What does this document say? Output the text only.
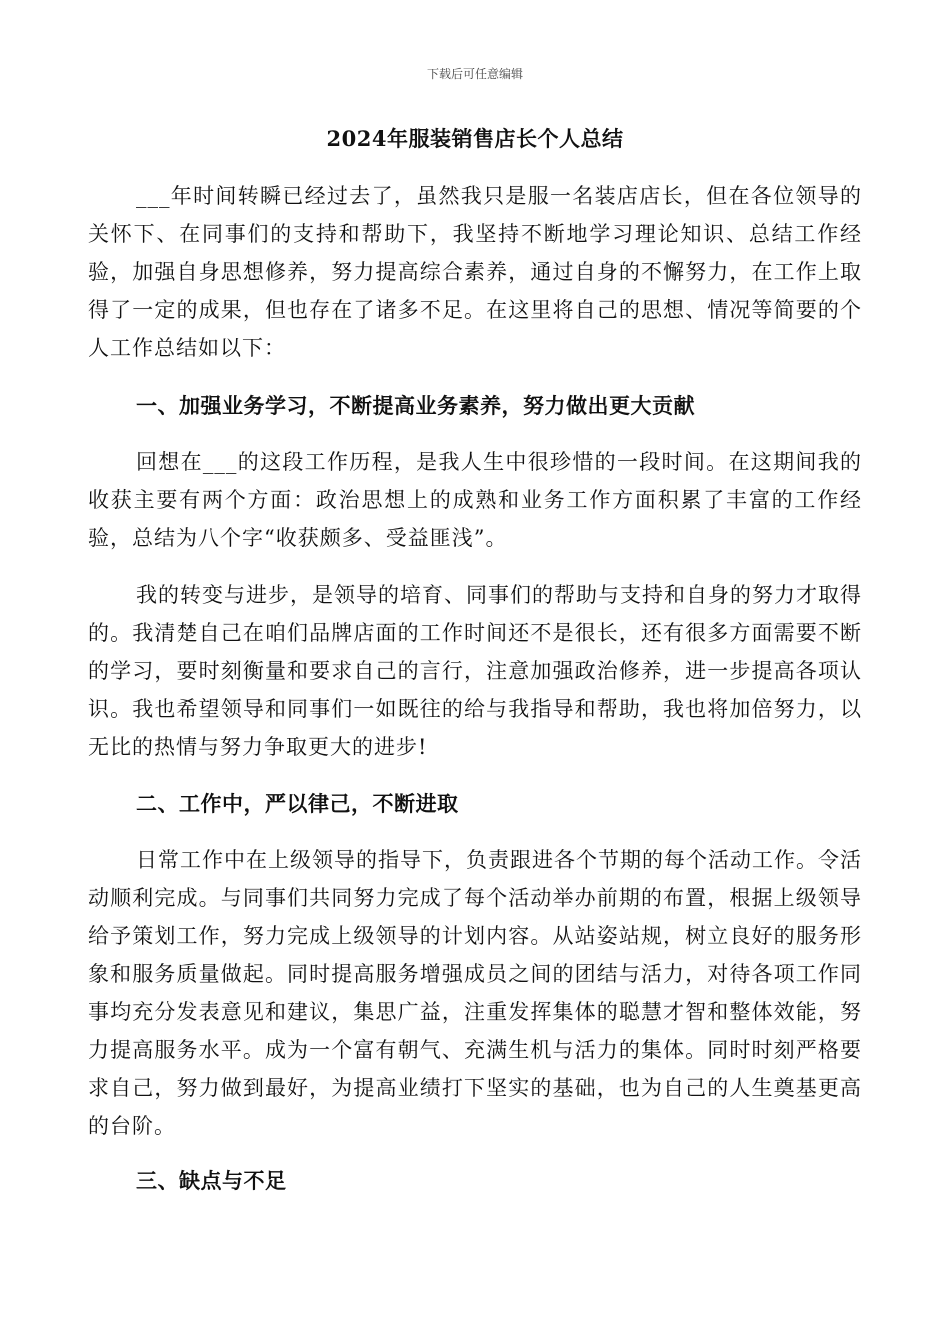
下载后可任意编辑
2024年服装销售店长个人总结

___年时间转瞬已经过去了，虽然我只是服一名装店店长，但在各位领导的关怀下、在同事们的支持和帮助下，我坚持不断地学习理论知识、总结工作经验，加强自身思想修养，努力提高综合素养，通过自身的不懈努力，在工作上取得了一定的成果，但也存在了诸多不足。在这里将自己的思想、情况等简要的个人工作总结如以下：

一、加强业务学习，不断提高业务素养，努力做出更大贡献

回想在___的这段工作历程，是我人生中很珍惜的一段时间。在这期间我的收获主要有两个方面：政治思想上的成熟和业务工作方面积累了丰富的工作经验，总结为八个字“收获颇多、受益匪浅”。

我的转变与进步，是领导的培育、同事们的帮助与支持和自身的努力才取得的。我清楚自己在咱们品牌店面的工作时间还不是很长，还有很多方面需要不断的学习，要时刻衡量和要求自己的言行，注意加强政治修养，进一步提高各项认识。我也希望领导和同事们一如既往的给与我指导和帮助，我也将加倍努力，以无比的热情与努力争取更大的进步!

二、工作中，严以律己，不断进取

日常工作中在上级领导的指导下，负责跟进各个节期的每个活动工作。令活动顺利完成。与同事们共同努力完成了每个活动举办前期的布置，根据上级领导给予策划工作，努力完成上级领导的计划内容。从站姿站规，树立良好的服务形象和服务质量做起。同时提高服务增强成员之间的团结与活力，对待各项工作同事均充分发表意见和建议，集思广益，注重发挥集体的聪慧才智和整体效能，努力提高服务水平。成为一个富有朝气、充满生机与活力的集体。同时时刻严格要求自己，努力做到最好，为提高业绩打下坚实的基础，也为自己的人生奠基更高的台阶。

三、缺点与不足
